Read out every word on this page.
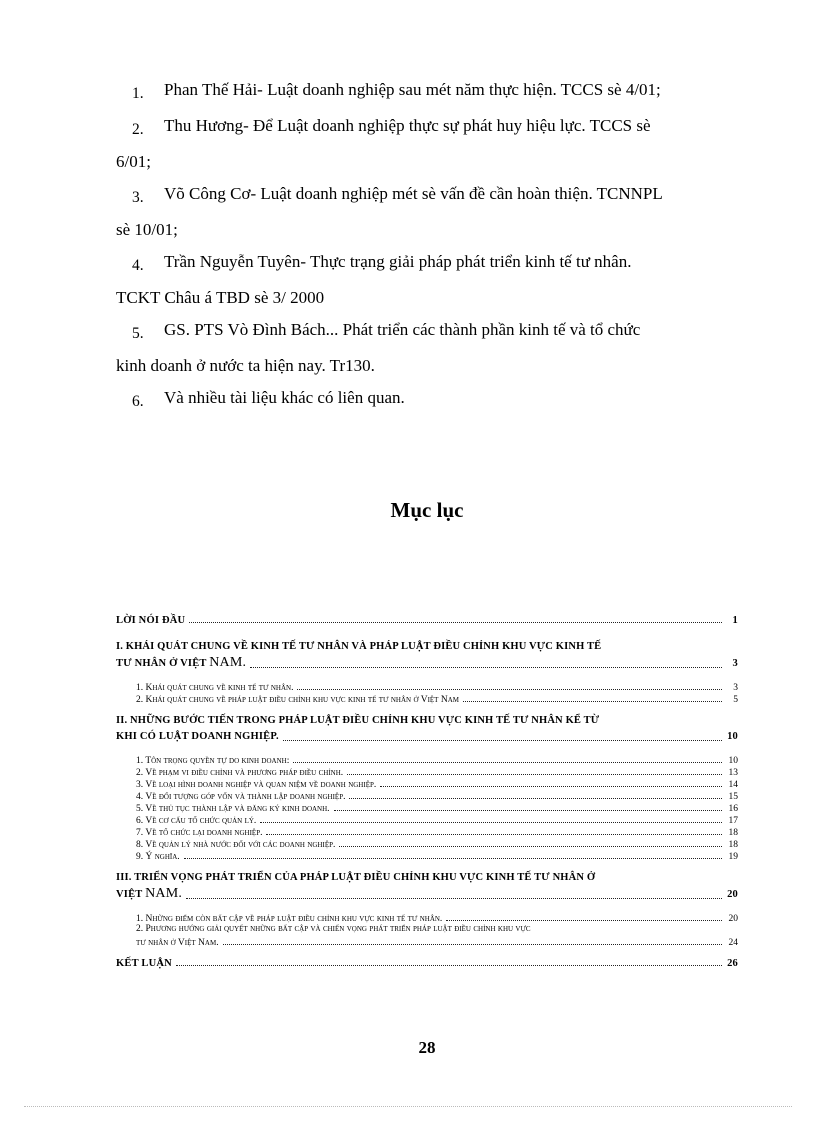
1. Phan Thế Hải- Luật doanh nghiệp sau mét năm thực hiện. TCCS sè 4/01;

2. Thu Hương- Để Luật doanh nghiệp thực sự phát huy hiệu lực. TCCS sè
6/01;

3. Võ Công Cơ- Luật doanh nghiệp mét sè vấn đề cần hoàn thiện. TCNNPL
sè 10/01;

4. Trần Nguyễn Tuyên- Thực trạng giải pháp phát triển kinh tế tư nhân.
TCKT Châu á TBD sè 3/ 2000

5. GS. PTS Vò Đình Bách... Phát triển các thành phần kinh tế và tổ chức
kinh doanh ở nước ta hiện nay. Tr130.

6. Và nhiều tài liệu khác có liên quan.

Mục lục
LỜI NÓI ĐẦU	1
I. KHÁI QUÁT CHUNG VỀ KINH TẾ TƯ NHÂN VÀ PHÁP LUẬT ĐIỀU CHỈNH KHU VỰC KINH TẾ
TƯ NHÂN Ở VIỆT NAM.	3
1. Khái quát chung về kinh tế tư nhân.	3
2. Khái quát chung về pháp luật điều chỉnh khu vực kinh tế tư nhân ở Việt Nam	5
II. NHỮNG BƯỚC TIẾN TRONG PHÁP LUẬT ĐIỀU CHỈNH KHU VỰC KINH TẾ TƯ NHÂN KỂ TỪ
KHI CÓ LUẬT DOANH NGHIỆP.	10
1. Tôn trọng quyền tự do kinh doanh:	10
2. Về phạm vi điều chỉnh và phương pháp điều chỉnh.	13
3. Về loại hình doanh nghiệp và quan niệm về doanh nghiệp.	14
4. Về đối tượng góp vốn và thành lập doanh nghiệp.	15
5. Về thủ tục thành lập và đăng ký kinh doanh.	16
6. Về cơ cấu tổ chức quản lý.	17
7. Về tổ chức lại doanh nghiệp.	18
8. Về quản lý nhà nước đối với các doanh nghiệp.	18
9. Ý nghĩa.	19
III. TRIỂN VỌNG PHÁT TRIỂN CỦA PHÁP LUẬT ĐIỀU CHỈNH KHU VỰC KINH TẾ TƯ NHÂN Ở
VIỆT NAM.	20
1. Những điểm còn bất cập về pháp luật điều chỉnh khu vực kinh tế tư nhân.	20
2. Phương hướng giải quyết những bất cập và chiến vọng phát triển pháp luật điều chỉnh khu vực
tư nhân ở Việt Nam.	24
KẾT LUẬN	26
28
